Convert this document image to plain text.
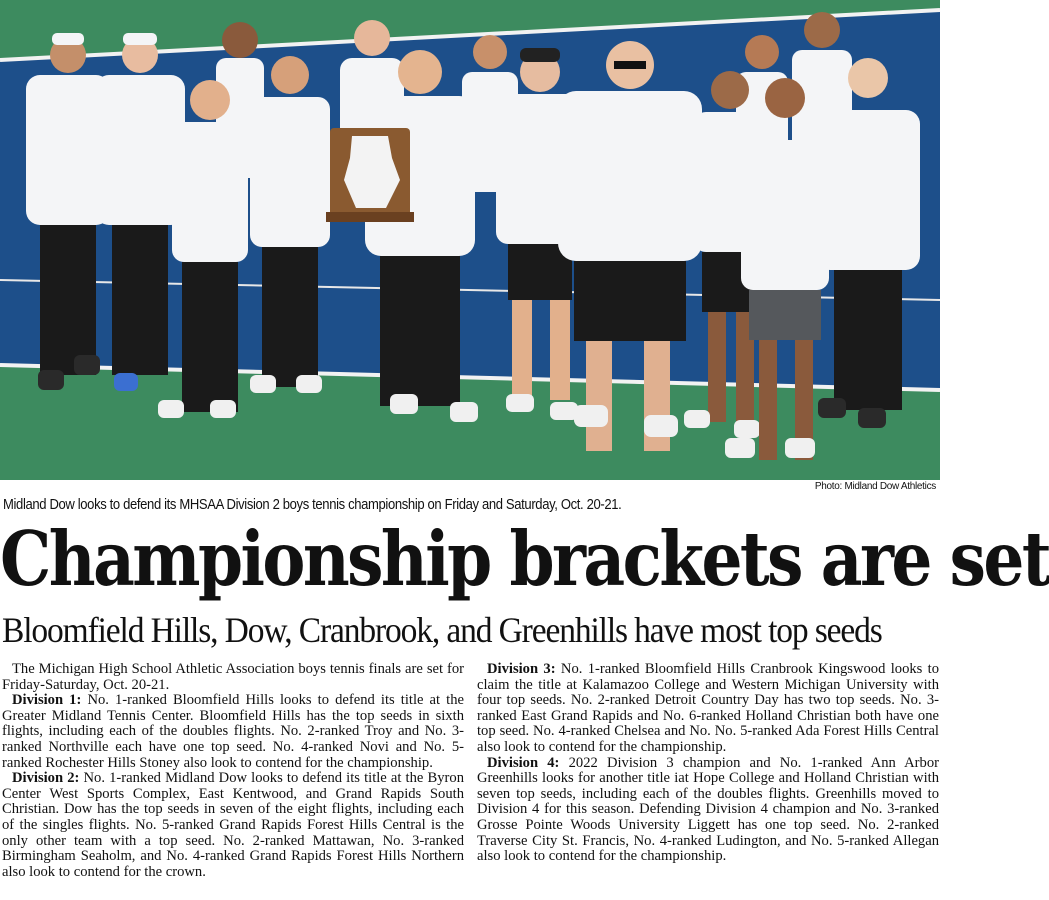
Photo: Midland Dow Athletics
Midland Dow looks to defend its MHSAA Division 2 boys tennis championship on Friday and Saturday, Oct. 20-21.
Championship brackets are set
Bloomfield Hills, Dow, Cranbrook, and Greenhills have most top seeds

The Michigan High School Athletic Association boys tennis finals are set for Friday-Saturday, Oct. 20-21.

Division 1: No. 1-ranked Bloomfield Hills looks to defend its title at the Greater Midland Tennis Center. Bloomfield Hills has the top seeds in sixth flights, including each of the doubles flights. No. 2-ranked Troy and No. 3-ranked Northville each have one top seed. No. 4-ranked Novi and No. 5-ranked Rochester Hills Stoney also look to contend for the championship.

Division 2: No. 1-ranked Midland Dow looks to defend its title at the Byron Center West Sports Complex, East Kentwood, and Grand Rapids South Christian. Dow has the top seeds in seven of the eight flights, including each of the singles flights. No. 5-ranked Grand Rapids Forest Hills Central is the only other team with a top seed. No. 2-ranked Mattawan, No. 3-ranked Birmingham Seaholm, and No. 4-ranked Grand Rapids Forest Hills Northern also look to contend for the crown.

Division 3: No. 1-ranked Bloomfield Hills Cranbrook Kingswood looks to claim the title at Kalamazoo College and Western Michigan University with four top seeds. No. 2-ranked Detroit Country Day has two top seeds. No. 3-ranked East Grand Rapids and No. 6-ranked Holland Christian both have one top seed. No. 4-ranked Chelsea and No. No. 5-ranked Ada Forest Hills Central also look to contend for the championship.

Division 4: 2022 Division 3 champion and No. 1-ranked Ann Arbor Greenhills looks for another title iat Hope College and Holland Christian with seven top seeds, including each of the doubles flights. Greenhills moved to Division 4 for this season. Defending Division 4 champion and No. 3-ranked Grosse Pointe Woods University Liggett has one top seed. No. 2-ranked Traverse City St. Francis, No. 4-ranked Ludington, and No. 5-ranked Allegan also look to contend for the championship.
